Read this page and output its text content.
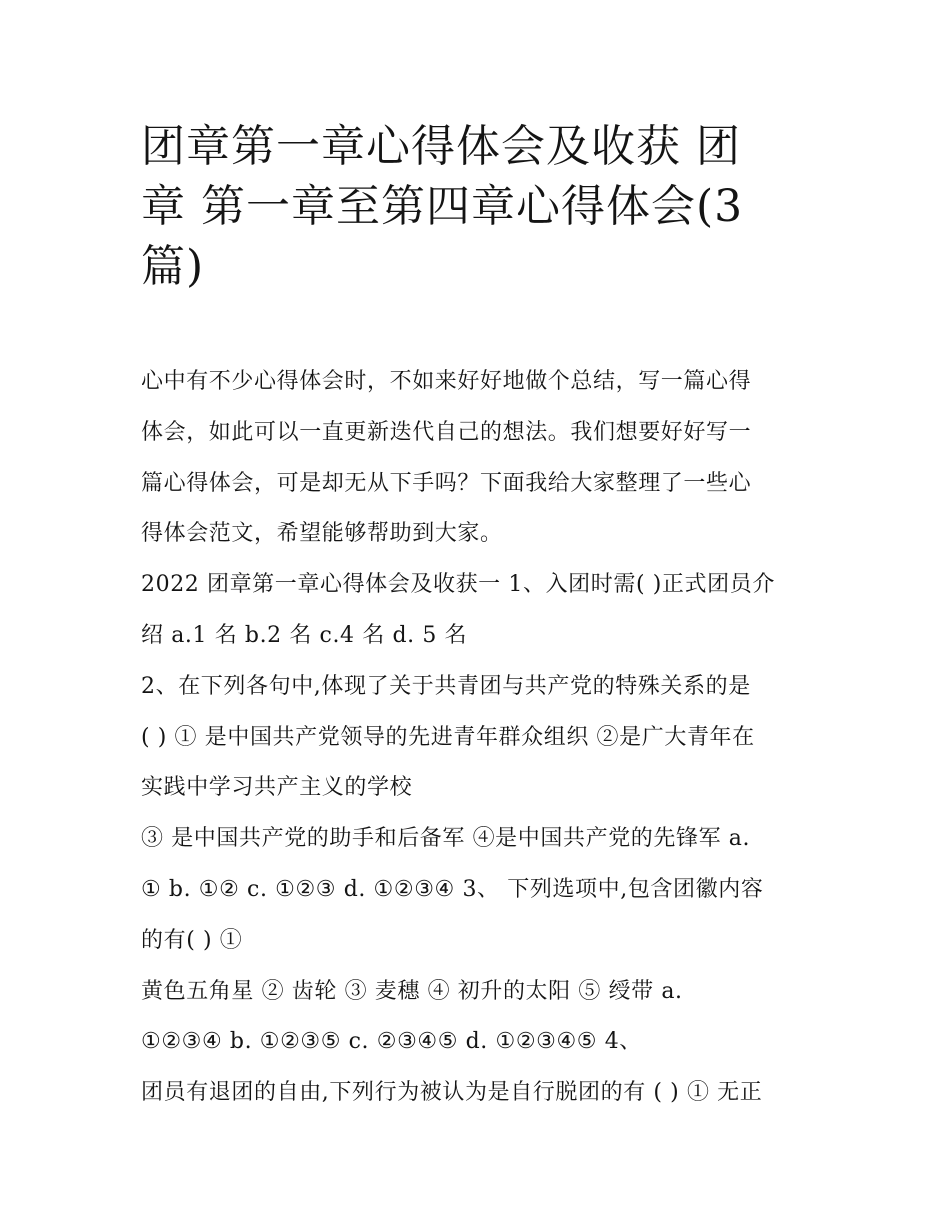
团章第一章心得体会及收获 团
章 第一章至第四章心得体会(3
篇)
心中有不少心得体会时，不如来好好地做个总结，写一篇心得
体会，如此可以一直更新迭代自己的想法。我们想要好好写一
篇心得体会，可是却无从下手吗？下面我给大家整理了一些心
得体会范文，希望能够帮助到大家。
2022 团章第一章心得体会及收获一 1、入团时需( )正式团员介
绍 a.1 名 b.2 名 c.4 名 d. 5 名
2、在下列各句中,体现了关于共青团与共产党的特殊关系的是
( ) ① 是中国共产党领导的先进青年群众组织 ②是广大青年在
实践中学习共产主义的学校
③ 是中国共产党的助手和后备军 ④是中国共产党的先锋军 a.
① b. ①② c. ①②③ d. ①②③④ 3、 下列选项中,包含团徽内容
的有( ) ①
黄色五角星 ② 齿轮 ③ 麦穗 ④ 初升的太阳 ⑤ 绶带 a.
①②③④ b. ①②③⑤ c. ②③④⑤ d. ①②③④⑤ 4、
团员有退团的自由,下列行为被认为是自行脱团的有 ( ) ① 无正
